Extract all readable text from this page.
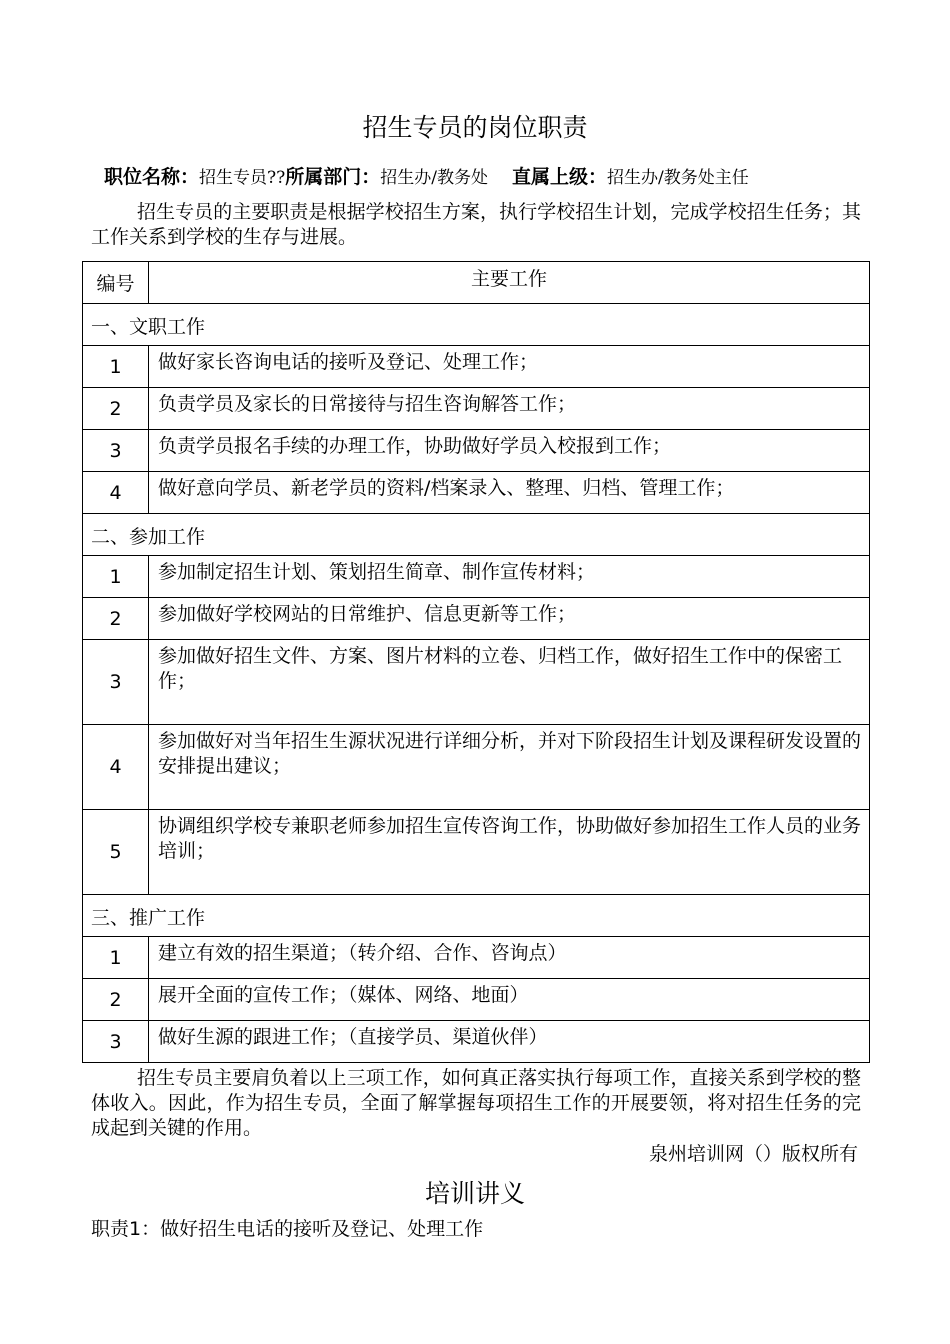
招生专员的岗位职责
职位名称：招生专员??所属部门：招生办/教务处 直属上级：招生办/教务处主任

招生专员的主要职责是根据学校招生方案，执行学校招生计划，完成学校招生任务；其工作关系到学校的生存与进展。

编号	主要工作
一、文职工作	
1	做好家长咨询电话的接听及登记、处理工作；
2	负责学员及家长的日常接待与招生咨询解答工作；
3	负责学员报名手续的办理工作，协助做好学员入校报到工作；
4	做好意向学员、新老学员的资料/档案录入、整理、归档、管理工作；
二、参加工作	
1	参加制定招生计划、策划招生简章、制作宣传材料；
2	参加做好学校网站的日常维护、信息更新等工作；
3	参加做好招生文件、方案、图片材料的立卷、归档工作，做好招生工作中的保密工作；
4	参加做好对当年招生生源状况进行详细分析，并对下阶段招生计划及课程研发设置的安排提出建议；
5	协调组织学校专兼职老师参加招生宣传咨询工作，协助做好参加招生工作人员的业务培训；
三、推广工作	
1	建立有效的招生渠道；（转介绍、合作、咨询点）
2	展开全面的宣传工作；（媒体、网络、地面）
3	做好生源的跟进工作；（直接学员、渠道伙伴）

招生专员主要肩负着以上三项工作，如何真正落实执行每项工作，直接关系到学校的整体收入。因此，作为招生专员，全面了解掌握每项招生工作的开展要领，将对招生任务的完成起到关键的作用。

泉州培训网（）版权所有
培训讲义
职责1：做好招生电话的接听及登记、处理工作
